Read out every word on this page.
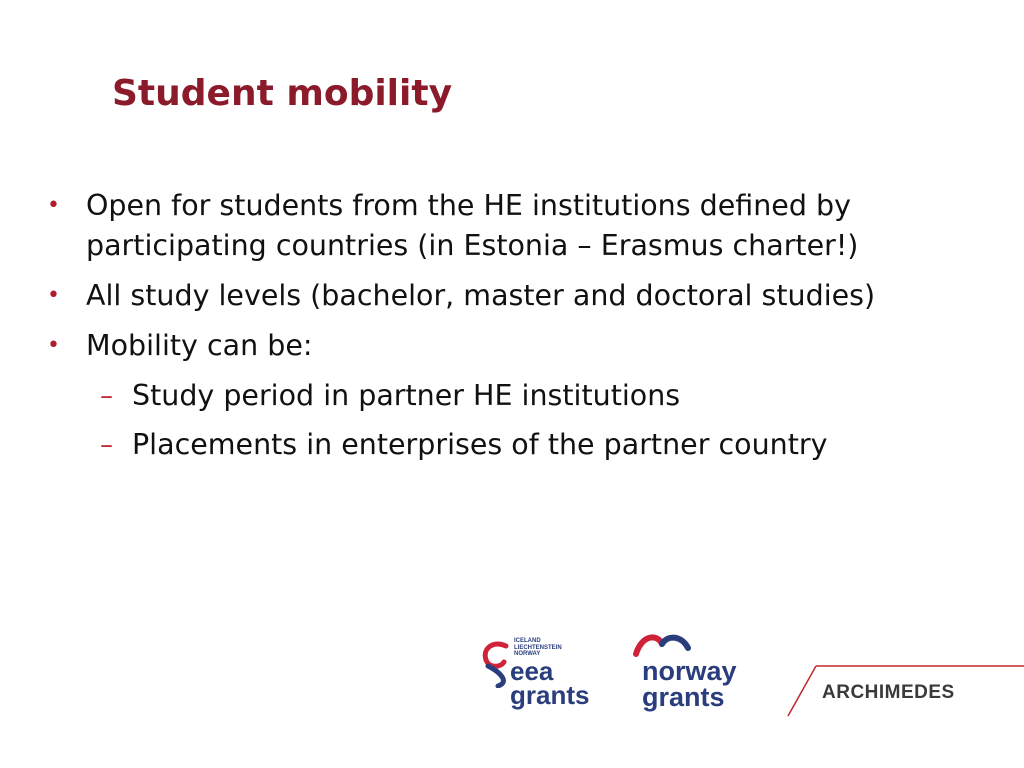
Student mobility
• Open for students from the HE institutions defined by participating countries (in Estonia – Erasmus charter!)
• All study levels (bachelor, master and doctoral studies)
• Mobility can be:
– Study period in partner HE institutions
– Placements in enterprises of the partner country
ICELAND
LIECHTENSTEIN
NORWAY
eea
grants
norway
grants	ARCHIMEDES
